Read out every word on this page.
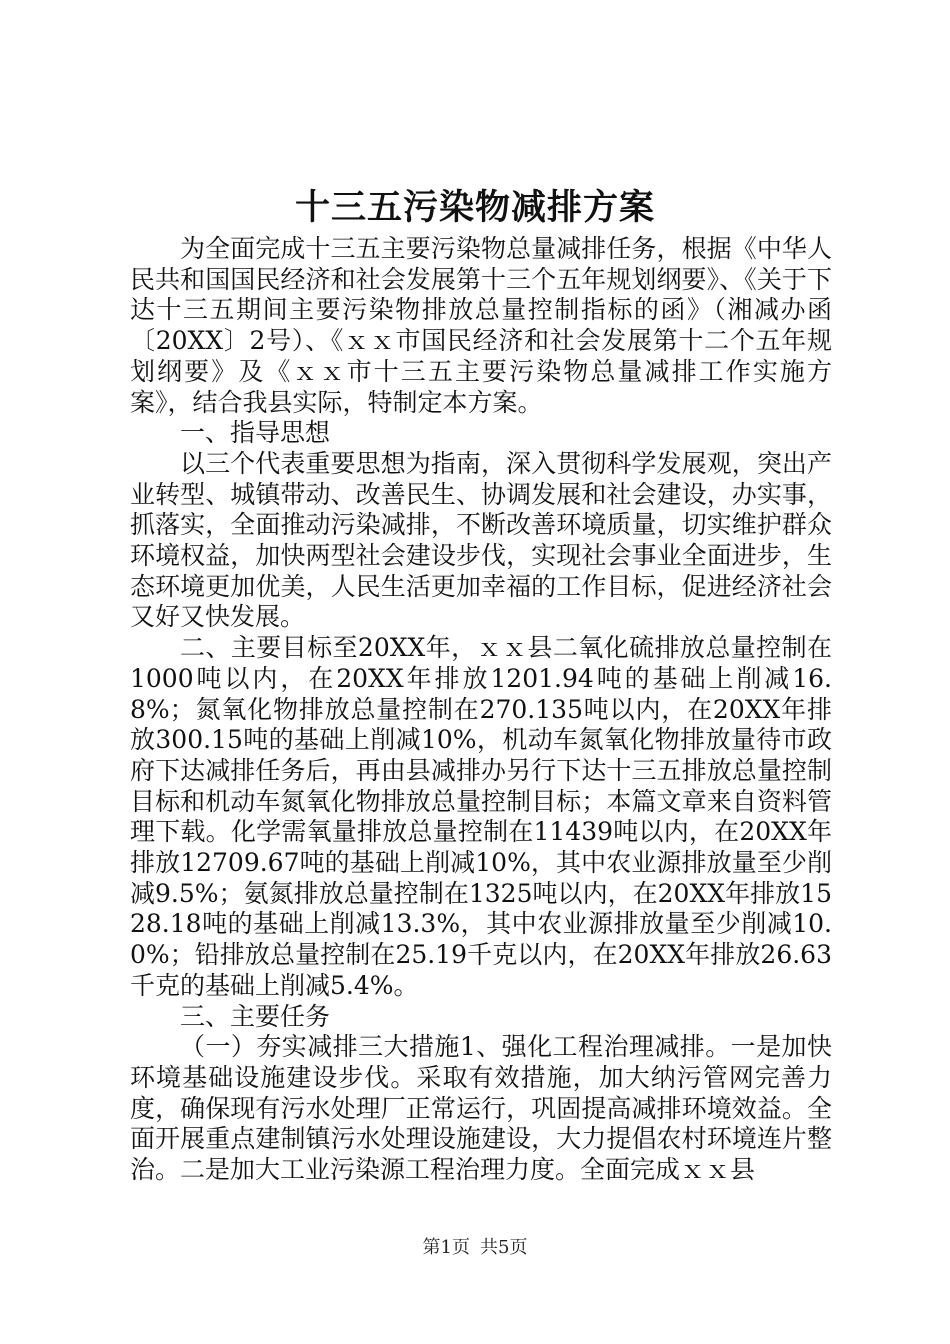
十三五污染物减排方案

为全面完成十三五主要污染物总量减排任务，根据《中华人民共和国国民经济和社会发展第十三个五年规划纲要》、《关于下达十三五期间主要污染物排放总量控制指标的函》（湘减办函〔20XX〕2号）、《ｘｘ市国民经济和社会发展第十二个五年规划纲要》及《ｘｘ市十三五主要污染物总量减排工作实施方案》，结合我县实际，特制定本方案。

一、指导思想

以三个代表重要思想为指南，深入贯彻科学发展观，突出产业转型、城镇带动、改善民生、协调发展和社会建设，办实事，抓落实，全面推动污染减排，不断改善环境质量，切实维护群众环境权益，加快两型社会建设步伐，实现社会事业全面进步，生态环境更加优美，人民生活更加幸福的工作目标，促进经济社会又好又快发展。

二、主要目标至20XX年，ｘｘ县二氧化硫排放总量控制在1000吨以内，在20XX年排放1201.94吨的基础上削减16.8%；氮氧化物排放总量控制在270.135吨以内，在20XX年排放300.15吨的基础上削减10%，机动车氮氧化物排放量待市政府下达减排任务后，再由县减排办另行下达十三五排放总量控制目标和机动车氮氧化物排放总量控制目标；本篇文章来自资料管理下载。化学需氧量排放总量控制在11439吨以内，在20XX年排放12709.67吨的基础上削减10%，其中农业源排放量至少削减9.5%；氨氮排放总量控制在1325吨以内，在20XX年排放1528.18吨的基础上削减13.3%，其中农业源排放量至少削减10.0%；铅排放总量控制在25.19千克以内，在20XX年排放26.63千克的基础上削减5.4%。

三、主要任务

（一）夯实减排三大措施1、强化工程治理减排。一是加快环境基础设施建设步伐。采取有效措施，加大纳污管网完善力度，确保现有污水处理厂正常运行，巩固提高减排环境效益。全面开展重点建制镇污水处理设施建设，大力提倡农村环境连片整治。二是加大工业污染源工程治理力度。全面完成ｘｘ县

第1页 共5页
